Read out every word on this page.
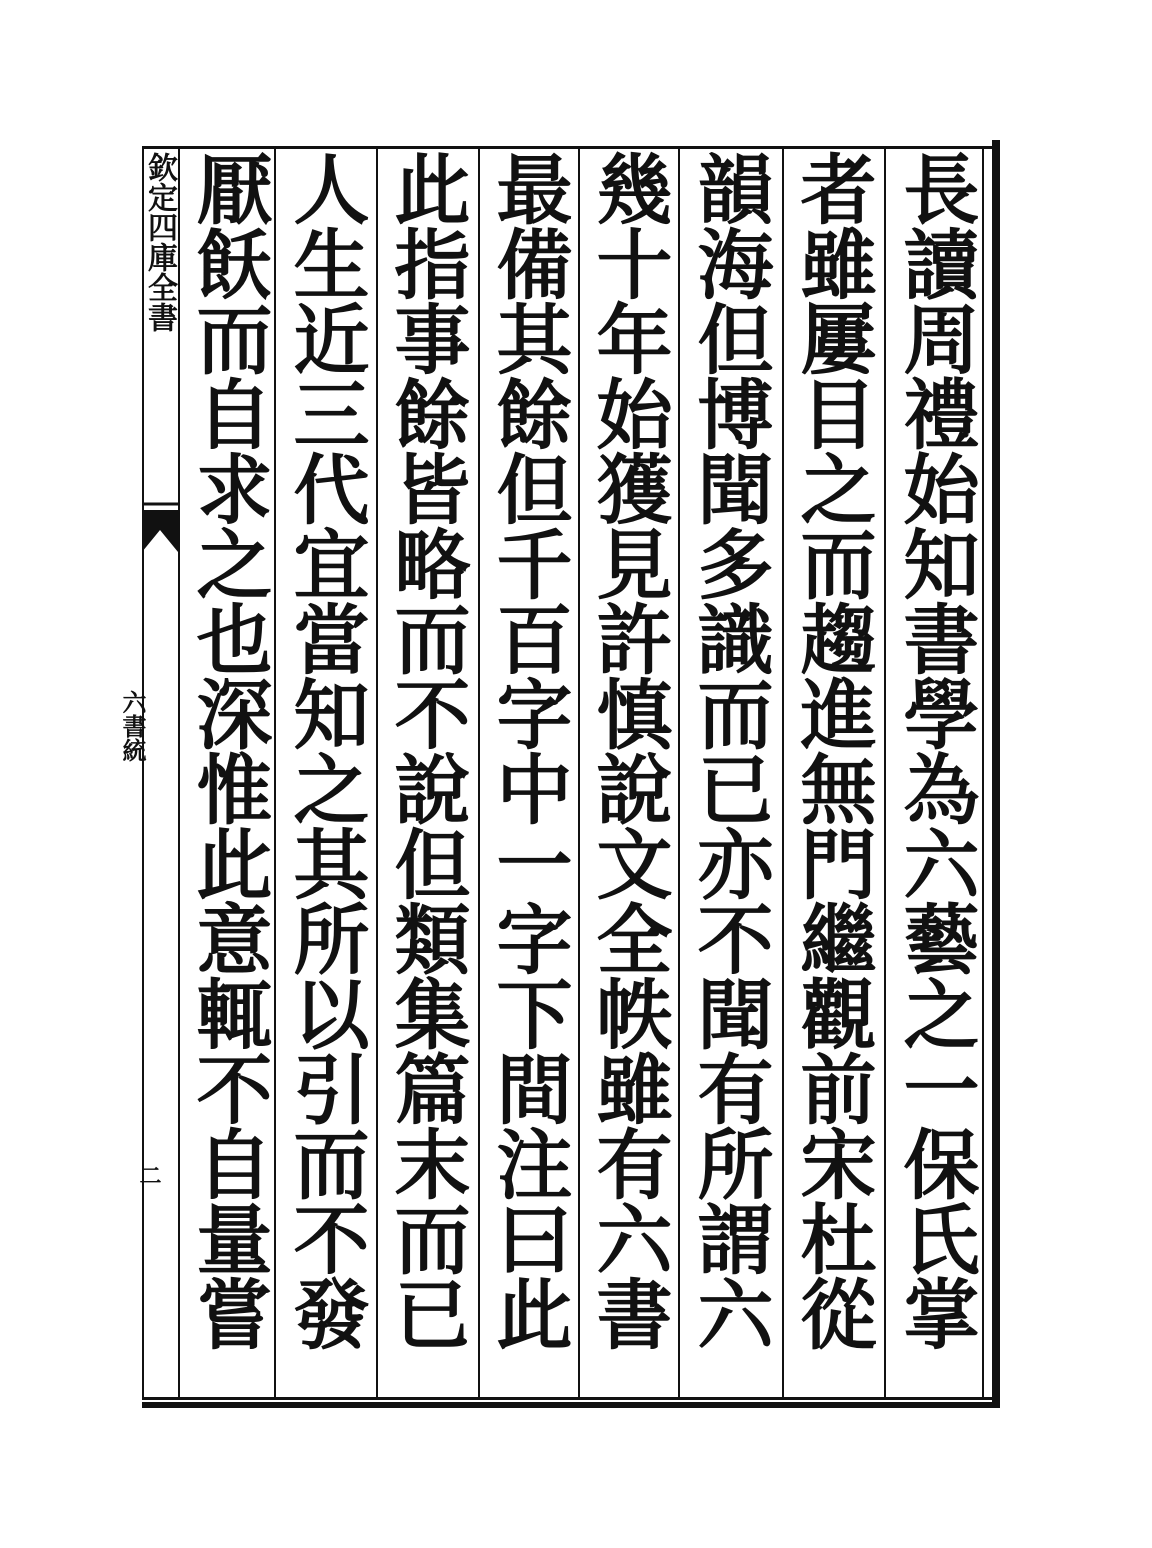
長讀周禮始知書學為六藝之一保氏掌
者雖屢目之而趨進無門繼觀前宋杜從
韻海但博聞多識而已亦不聞有所謂六
幾十年始獲見許慎說文全帙雖有六書
最備其餘但千百字中一字下間注曰此
此指事餘皆略而不說但類集篇末而已
人生近三代宜當知之其所以引而不發
厭飫而自求之也深惟此意輒不自量嘗
欽定四庫全書
六書統
二
